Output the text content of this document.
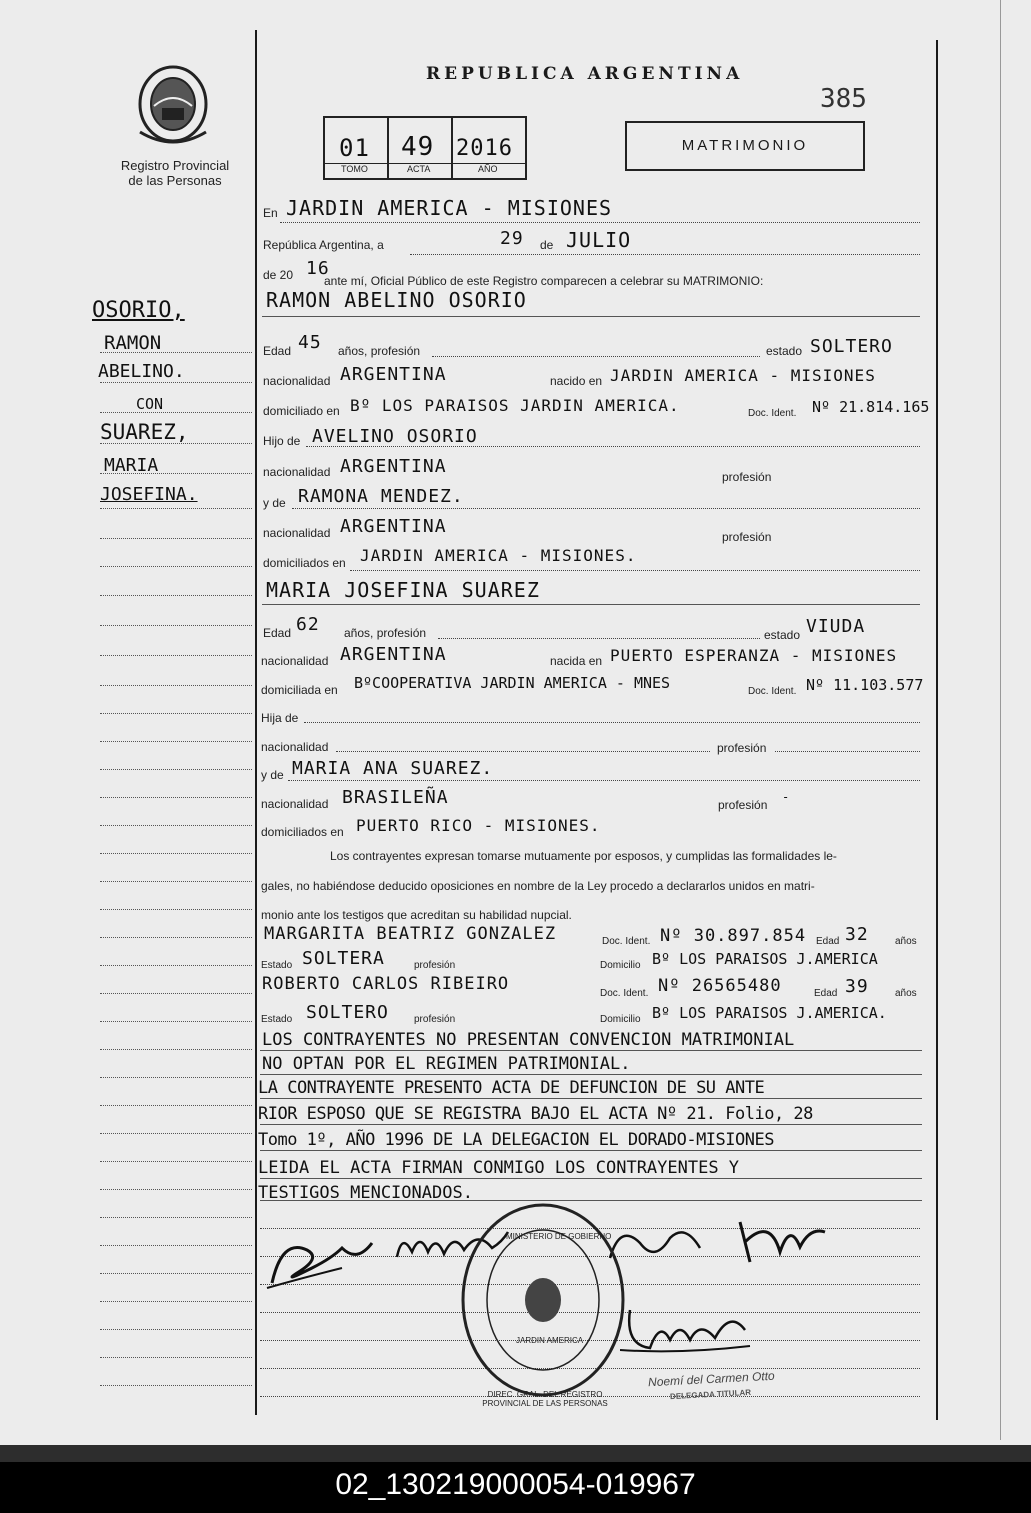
Registro Provincial
de las Personas
REPUBLICA ARGENTINA
385
01 49 2016
TOMO	ACTA	AÑO
MATRIMONIO
OSORIO,
RAMON
ABELINO.
CON
SUAREZ,
MARIA
JOSEFINA.
En JARDIN AMERICA - MISIONES
República Argentina, a	29 de JULIO
de 20 16
ante mí, Oficial Público de este Registro comparecen a celebrar su MATRIMONIO:
RAMON ABELINO OSORIO
Edad 45 años, profesión	estado SOLTERO
nacionalidad ARGENTINA	nacido en JARDIN AMERICA - MISIONES
domiciliado en Bº LOS PARAISOS JARDIN AMERICA.	Doc. Ident. Nº 21.814.165
Hijo de AVELINO OSORIO
nacionalidad ARGENTINA	profesión
y de RAMONA MENDEZ.
nacionalidad ARGENTINA	profesión
domiciliados en JARDIN AMERICA - MISIONES.
MARIA JOSEFINA SUAREZ
Edad 62 años, profesión	estado VIUDA
nacionalidad ARGENTINA	nacida en PUERTO ESPERANZA - MISIONES
domiciliada en BºCOOPERATIVA JARDIN AMERICA - MNES	Doc. Ident. Nº 11.103.577
Hija de
nacionalidad	profesión
y de MARIA ANA SUAREZ.
nacionalidad BRASILEÑA	profesión
-
domiciliados en PUERTO RICO - MISIONES.
Los contrayentes expresan tomarse mutuamente por esposos, y cumplidas las formalidades le-
gales, no habiéndose deducido oposiciones en nombre de la Ley procedo a declararlos unidos en matri-
monio ante los testigos que acreditan su habilidad nupcial.
MARGARITA BEATRIZ GONZALEZ	Doc. Ident. Nº 30.897.854 Edad 32	años
Estado SOLTERA	profesión	Domicilio Bº LOS PARAISOS J.AMERICA
ROBERTO CARLOS RIBEIRO	Doc. Ident. Nº 26565480	Edad 39	años
Estado SOLTERO	profesión	Domicilio Bº LOS PARAISOS J.AMERICA.
LOS CONTRAYENTES NO PRESENTAN CONVENCION MATRIMONIAL
NO OPTAN POR EL REGIMEN PATRIMONIAL.
LA CONTRAYENTE PRESENTO ACTA DE DEFUNCION DE SU ANTE
RIOR ESPOSO QUE SE REGISTRA BAJO EL ACTA Nº 21. Folio, 28
Tomo 1º, AÑO 1996 DE LA DELEGACION EL DORADO-MISIONES
LEIDA EL ACTA FIRMAN CONMIGO LOS CONTRAYENTES Y
TESTIGOS MENCIONADOS.
DIREC. GRAL. DEL REGISTRO PROVINCIAL DE LAS PERSONAS
MINISTERIO DE GOBIERNO
JARDIN AMERICA
Noemí del Carmen Otto
DELEGADA TITULAR
02_130219000054-019967
